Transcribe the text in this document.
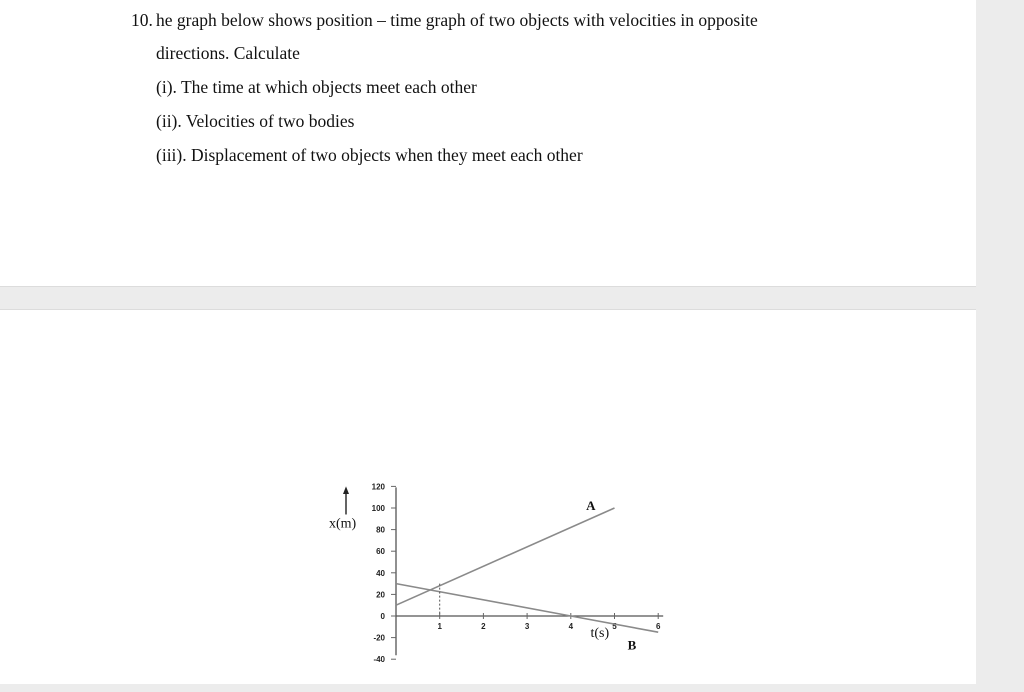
10. he graph below shows position – time graph of two objects with velocities in opposite
directions. Calculate
(i). The time at which objects meet each other
(ii). Velocities of two bodies
(iii). Displacement of two objects when they meet each other
120
100
80
60
40
20
0
-20
-40
1	2	3	4	5	6
A
B
t(s)
x(m)
